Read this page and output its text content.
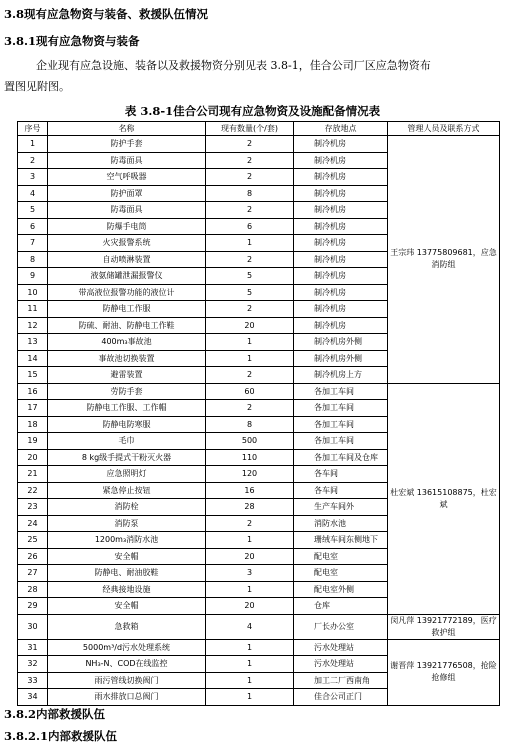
3.8现有应急物资与装备、救援队伍情况
3.8.1现有应急物资与装备
企业现有应急设施、装备以及救援物资分别见表 3.8-1，佳合公司厂区应急物资布
置图见附图。
表 3.8-1佳合公司现有应急物资及设施配备情况表
序号	名称	现有数量(个/套)	存放地点	管理人员及联系方式
1	防护手套	2	制冷机房	王宗玮 13775809681，应急消防组
2	防毒面具	2	制冷机房	
3	空气呼吸器	2	制冷机房	
4	防护面罩	8	制冷机房	
5	防毒面具	2	制冷机房	
6	防爆手电筒	6	制冷机房	
7	火灾报警系统	1	制冷机房	
8	自动喷淋装置	2	制冷机房	
9	液氨储罐泄漏报警仪	5	制冷机房	
10	带高液位报警功能的液位计	5	制冷机房	
11	防静电工作服	2	制冷机房	
12	防硫、耐油、防静电工作鞋	20	制冷机房	
13	400m₃事故池	1	制冷机房外侧	
14	事故池切换装置	1	制冷机房外侧	
15	避雷装置	2	制冷机房上方	
16	劳防手套	60	各加工车间	杜宏斌 13615108875，杜宏斌
17	防静电工作服、工作帽	2	各加工车间	
18	防静电防寒服	8	各加工车间	
19	毛巾	500	各加工车间	
20	8 kg级手提式干粉灭火器	110	各加工车间及仓库	
21	应急照明灯	120	各车间	
22	紧急停止按钮	16	各车间	
23	消防栓	28	生产车间外	
24	消防泵	2	消防水池	
25	1200m₃消防水池	1	珊绒车间东侧地下	
26	安全帽	20	配电室	
27	防静电、耐油胶鞋	3	配电室	
28	经典接地设施	1	配电室外侧	
29	安全帽	20	仓库	
30	急救箱	4	厂长办公室	闵凡萍 13921772189，医疗救护组
31	5000m³/d污水处理系统	1	污水处理站	谢晋萍 13921776508，抢险抢修组
32	NH₃-N、COD在线监控	1	污水处理站	
33	雨污管线切换阀门	1	加工二厂西南角	
34	雨水排放口总阀门	1	佳合公司正门	
3.8.2内部救援队伍
3.8.2.1内部救援队伍
